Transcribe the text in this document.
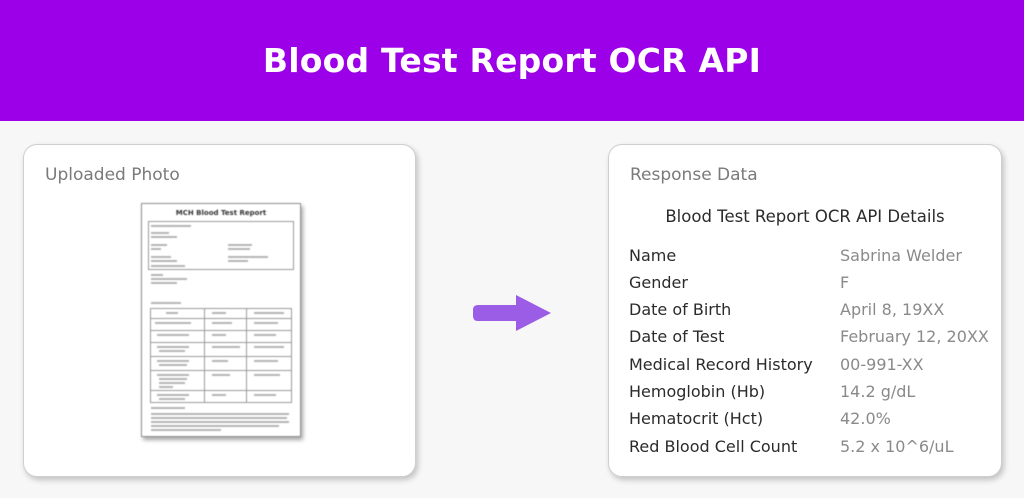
Blood Test Report OCR API
Uploaded Photo
MCH Blood Test Report
Response Data
Blood Test Report OCR API Details
Name	Sabrina Welder
Gender	F
Date of Birth	April 8, 19XX
Date of Test	February 12, 20XX
Medical Record History 00-991-XX
Hemoglobin (Hb)	14.2 g/dL
Hematocrit (Hct)	42.0%
Red Blood Cell Count	5.2 x 10^6/uL
